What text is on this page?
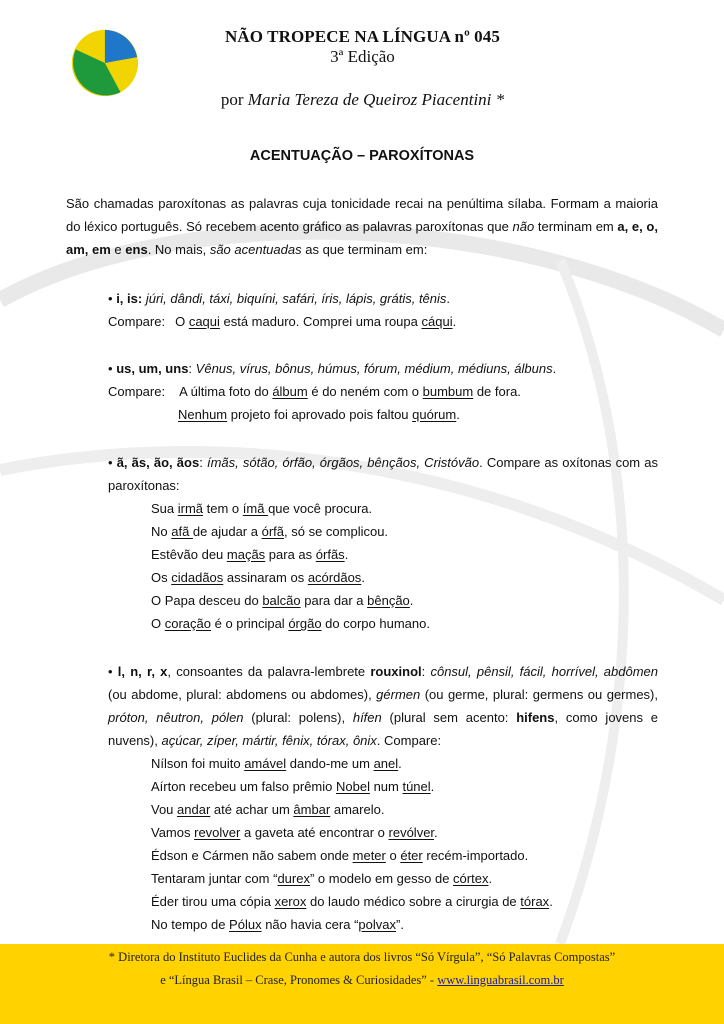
NÃO TROPECE NA LÍNGUA nº 045
3ª Edição
por Maria Tereza de Queiroz Piacentini *
ACENTUAÇÃO – PAROXÍTONAS
São chamadas paroxítonas as palavras cuja tonicidade recai na penúltima sílaba. Formam a maioria do léxico português. Só recebem acento gráfico as palavras paroxítonas que não terminam em a, e, o, am, em e ens. No mais, são acentuadas as que terminam em:
• i, is: júri, dândi, táxi, biquíni, safári, íris, lápis, grátis, tênis.
Compare: O caqui está maduro. Comprei uma roupa cáqui.
• us, um, uns: Vênus, vírus, bônus, húmus, fórum, médium, médiuns, álbuns.
Compare: A última foto do álbum é do neném com o bumbum de fora.
Nenhum projeto foi aprovado pois faltou quórum.
• ã, ãs, ão, ãos: ímãs, sótão, órfão, órgãos, bênçãos, Cristóvão. Compare as oxítonas com as paroxítonas:
Sua irmã tem o ímã que você procura.
No afã de ajudar a órfã, só se complicou.
Estêvão deu maçãs para as órfãs.
Os cidadãos assinaram os acórdãos.
O Papa desceu do balcão para dar a bênção.
O coração é o principal órgão do corpo humano.
• l, n, r, x, consoantes da palavra-lembrete rouxinol: cônsul, pênsil, fácil, horrível, abdômen (ou abdome, plural: abdomens ou abdomes), gérmen (ou germe, plural: germens ou germes), próton, nêutron, pólen (plural: polens), hífen (plural sem acento: hifens, como jovens e nuvens), açúcar, zíper, mártir, fênix, tórax, ônix. Compare:
Nílson foi muito amável dando-me um anel.
Aírton recebeu um falso prêmio Nobel num túnel.
Vou andar até achar um âmbar amarelo.
Vamos revolver a gaveta até encontrar o revólver.
Édson e Cármen não sabem onde meter o éter recém-importado.
Tentaram juntar com “durex” o modelo em gesso de córtex.
Éder tirou uma cópia xerox do laudo médico sobre a cirurgia de tórax.
No tempo de Pólux não havia cera “polvax”.
* Diretora do Instituto Euclides da Cunha e autora dos livros “Só Vírgula”, “Só Palavras Compostas”
e “Língua Brasil – Crase, Pronomes & Curiosidades” - www.linguabrasil.com.br
